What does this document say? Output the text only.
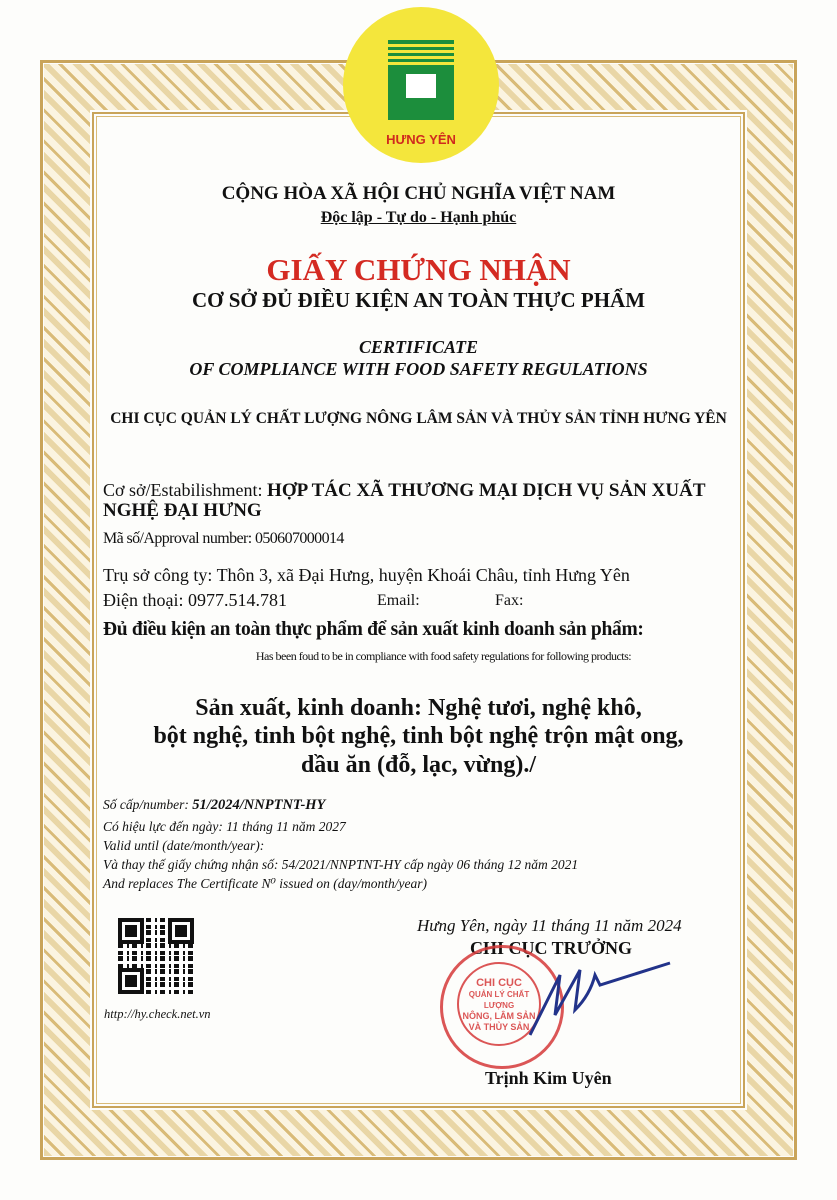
HƯNG YÊN
CỘNG HÒA XÃ HỘI CHỦ NGHĨA VIỆT NAM
Độc lập - Tự do - Hạnh phúc
GIẤY CHỨNG NHẬN
CƠ SỞ ĐỦ ĐIỀU KIỆN AN TOÀN THỰC PHẨM
CERTIFICATE
OF COMPLIANCE WITH FOOD SAFETY REGULATIONS
CHI CỤC QUẢN LÝ CHẤT LƯỢNG NÔNG LÂM SẢN VÀ THỦY SẢN TỈNH HƯNG YÊN
Cơ sở/Estabilishment: HỢP TÁC XÃ THƯƠNG MẠI DỊCH VỤ SẢN XUẤT
NGHỆ ĐẠI HƯNG
Mã số/Approval number: 050607000014
Trụ sở công ty: Thôn 3, xã Đại Hưng, huyện Khoái Châu, tỉnh Hưng Yên
Điện thoại: 0977.514.781	Email:	Fax:
Đủ điều kiện an toàn thực phẩm để sản xuất kinh doanh sản phẩm:
Has been foud to be in compliance with food safety regulations for following products:
Sản xuất, kinh doanh: Nghệ tươi, nghệ khô,
bột nghệ, tinh bột nghệ, tinh bột nghệ trộn mật ong,
dầu ăn (đỗ, lạc, vừng)./
Số cấp/number: 51/2024/NNPTNT-HY
Có hiệu lực đến ngày: 11 tháng 11 năm 2027
Valid until (date/month/year):
Và thay thế giấy chứng nhận số: 54/2021/NNPTNT-HY cấp ngày 06 tháng 12 năm 2021
And replaces The Certificate N⁰ issued on (day/month/year)
http://hy.check.net.vn
Hưng Yên, ngày 11 tháng 11 năm 2024
CHI CỤC TRƯỞNG
CHI CỤC
QUẢN LÝ CHẤT LƯỢNG
NÔNG, LÂM SẢN
VÀ THỦY SẢN
Trịnh Kim Uyên
